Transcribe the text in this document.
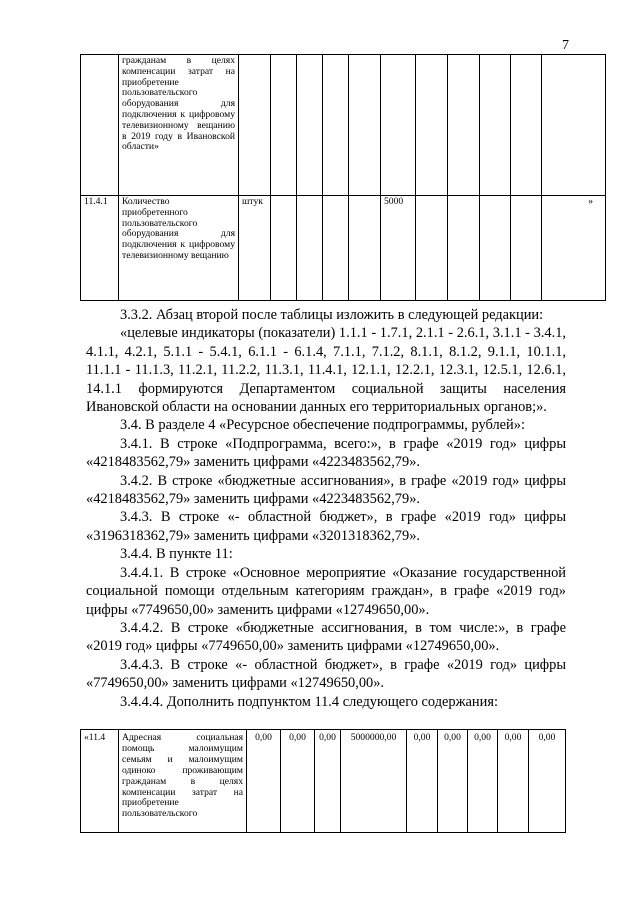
7
	гражданам в целях компенсации затрат на приобретение пользовательского оборудования для подключения к цифровому телевизионному вещанию в 2019 году в Ивановской области»											
11.4.1	Количество приобретенного пользовательского оборудования для подключения к цифровому телевизионному вещанию	штук					5000					»

3.3.2. Абзац второй после таблицы изложить в следующей редакции:

«целевые индикаторы (показатели) 1.1.1 - 1.7.1, 2.1.1 - 2.6.1, 3.1.1 - 3.4.1, 4.1.1, 4.2.1, 5.1.1 - 5.4.1, 6.1.1 - 6.1.4, 7.1.1, 7.1.2, 8.1.1, 8.1.2, 9.1.1, 10.1.1, 11.1.1 - 11.1.3, 11.2.1, 11.2.2, 11.3.1, 11.4.1, 12.1.1, 12.2.1, 12.3.1, 12.5.1, 12.6.1, 14.1.1 формируются Департаментом социальной защиты населения Ивановской области на основании данных его территориальных органов;».

3.4. В разделе 4 «Ресурсное обеспечение подпрограммы, рублей»:

3.4.1. В строке «Подпрограмма, всего:», в графе «2019 год» цифры «4218483562,79» заменить цифрами «4223483562,79».

3.4.2. В строке «бюджетные ассигнования», в графе «2019 год» цифры «4218483562,79» заменить цифрами «4223483562,79».

3.4.3. В строке «- областной бюджет», в графе «2019 год» цифры «3196318362,79» заменить цифрами «3201318362,79».

3.4.4. В пункте 11:

3.4.4.1. В строке «Основное мероприятие «Оказание государственной социальной помощи отдельным категориям граждан», в графе «2019 год» цифры «7749650,00» заменить цифрами «12749650,00».

3.4.4.2. В строке «бюджетные ассигнования, в том числе:», в графе «2019 год» цифры «7749650,00» заменить цифрами «12749650,00».

3.4.4.3. В строке «- областной бюджет», в графе «2019 год» цифры «7749650,00» заменить цифрами «12749650,00».

3.4.4.4. Дополнить подпунктом 11.4 следующего содержания:

«11.4	Адресная социальная помощь малоимущим семьям и малоимущим одиноко проживающим гражданам в целях компенсации затрат на приобретение пользовательского	0,00	0,00	0,00	5000000,00	0,00	0,00	0,00	0,00	0,00
